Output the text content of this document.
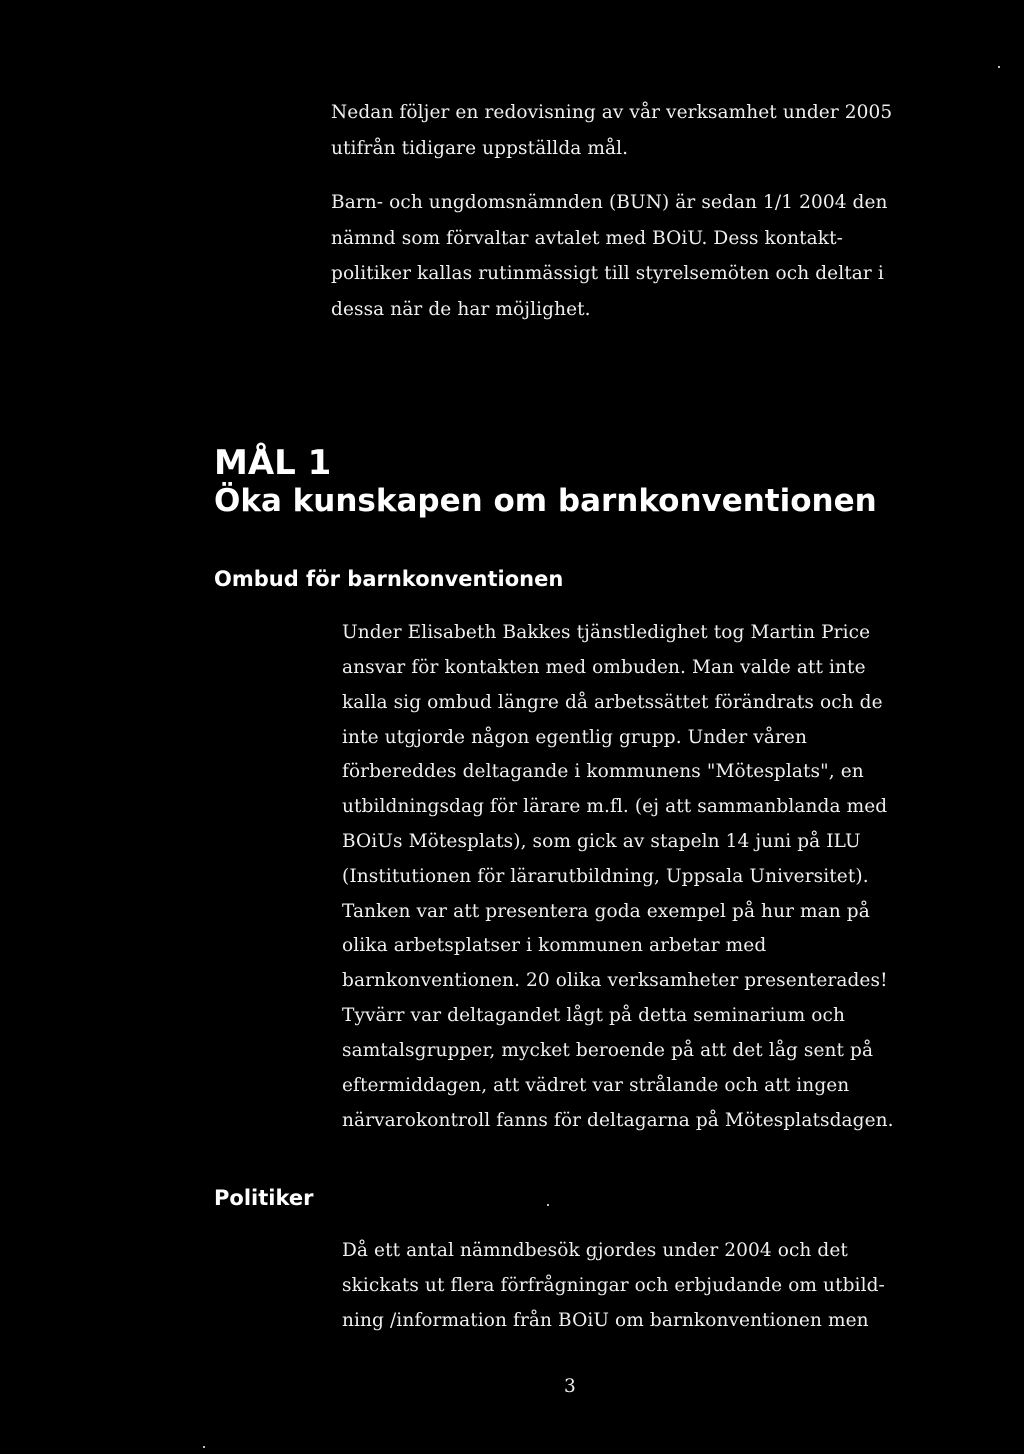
Nedan följer en redovisning av vår verksamhet under 2005
utifrån tidigare uppställda mål.
Barn- och ungdomsnämnden (BUN) är sedan 1/1 2004 den
nämnd som förvaltar avtalet med BOiU. Dess kontakt-
politiker kallas rutinmässigt till styrelsemöten och deltar i
dessa när de har möjlighet.
MÅL 1
Öka kunskapen om barnkonventionen
Ombud för barnkonventionen
Under Elisabeth Bakkes tjänstledighet tog Martin Price
ansvar för kontakten med ombuden. Man valde att inte
kalla sig ombud längre då arbetssättet förändrats och de
inte utgjorde någon egentlig grupp. Under våren
förbereddes deltagande i kommunens "Mötesplats", en
utbildningsdag för lärare m.fl. (ej att sammanblanda med
BOiUs Mötesplats), som gick av stapeln 14 juni på ILU
(Institutionen för lärarutbildning, Uppsala Universitet).
Tanken var att presentera goda exempel på hur man på
olika arbetsplatser i kommunen arbetar med
barnkonventionen. 20 olika verksamheter presenterades!
Tyvärr var deltagandet lågt på detta seminarium och
samtalsgrupper, mycket beroende på att det låg sent på
eftermiddagen, att vädret var strålande och att ingen
närvarokontroll fanns för deltagarna på Mötesplatsdagen.
Politiker
Då ett antal nämndbesök gjordes under 2004 och det
skickats ut flera förfrågningar och erbjudande om utbild-
ning /information från BOiU om barnkonventionen men
3
